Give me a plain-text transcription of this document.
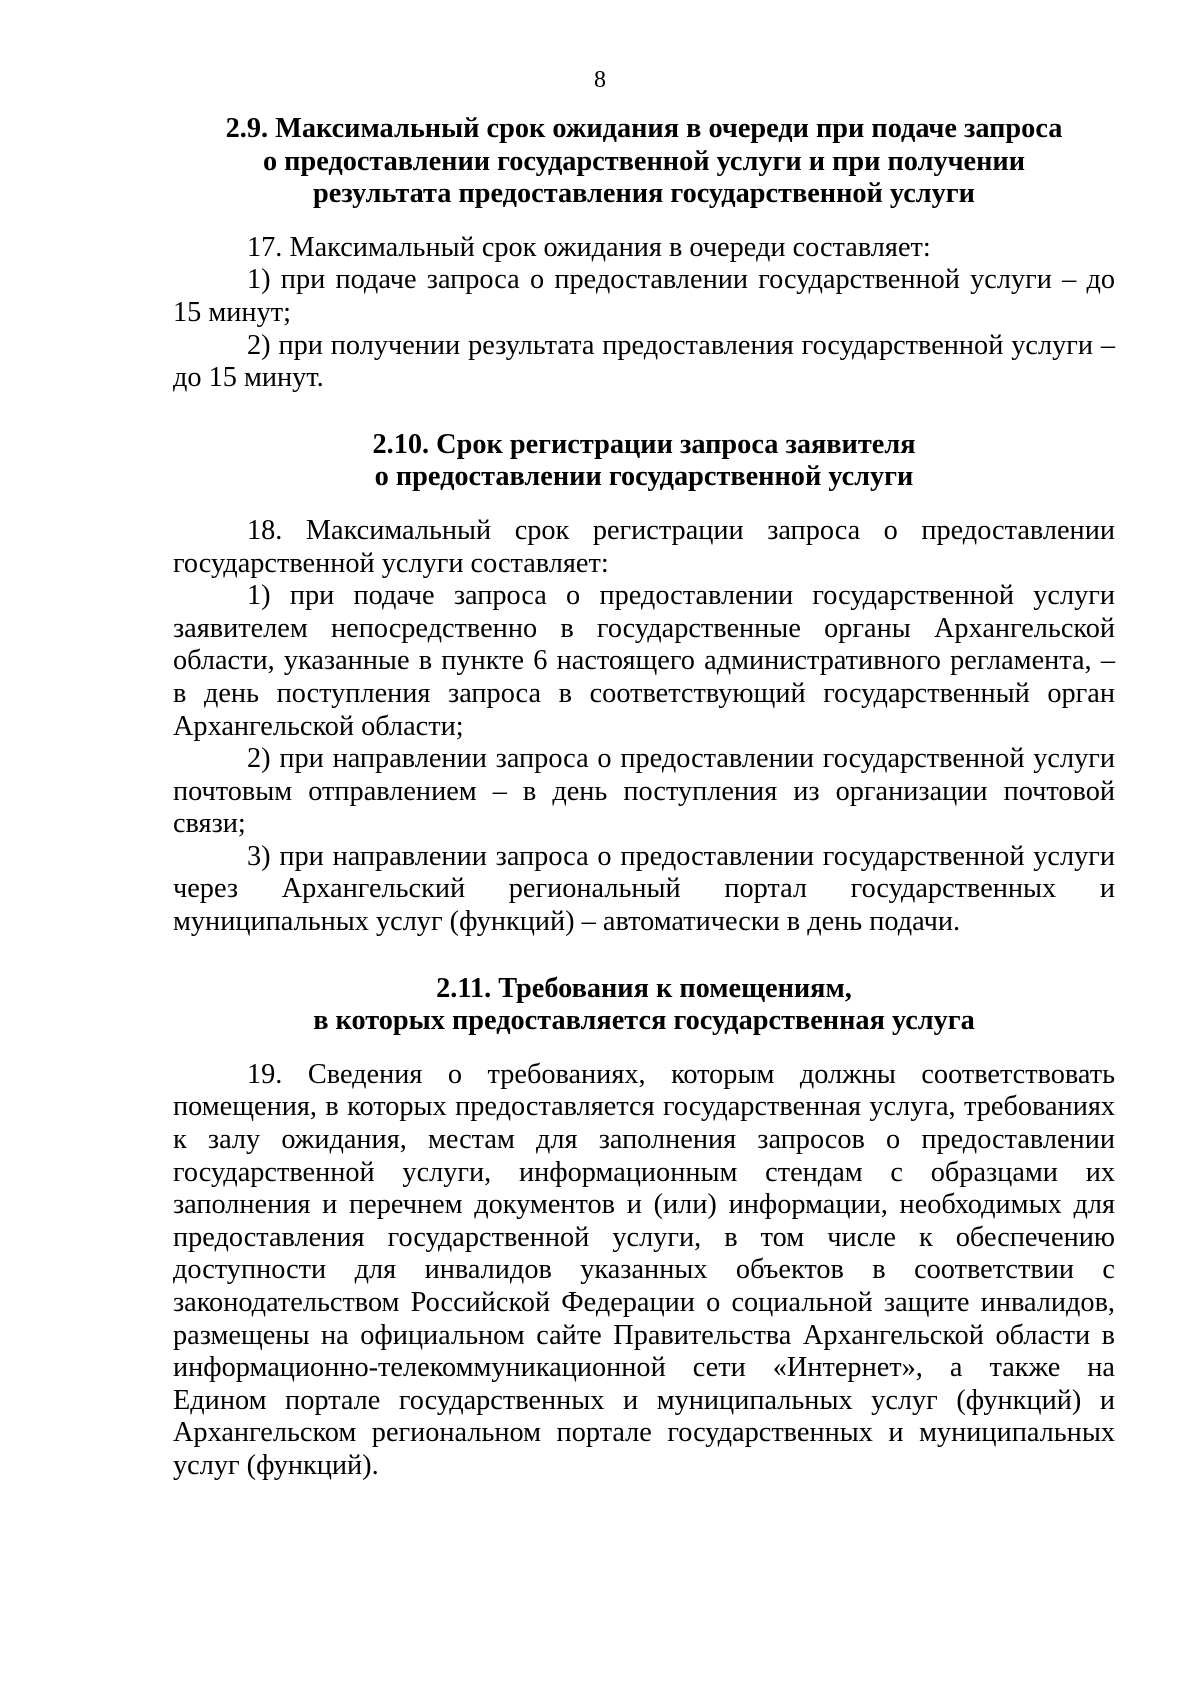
8
2.9. Максимальный срок ожидания в очереди при подаче запроса
о предоставлении государственной услуги и при получении
результата предоставления государственной услуги

17. Максимальный срок ожидания в очереди составляет:

1) при подаче запроса о предоставлении государственной услуги – до 15 минут;

2) при получении результата предоставления государственной услуги – до 15 минут.

2.10. Срок регистрации запроса заявителя
о предоставлении государственной услуги

18. Максимальный срок регистрации запроса о предоставлении государственной услуги составляет:

1) при подаче запроса о предоставлении государственной услуги заявителем непосредственно в государственные органы Архангельской области, указанные в пункте 6 настоящего административного регламента, – в день поступления запроса в соответствующий государственный орган Архангельской области;

2) при направлении запроса о предоставлении государственной услуги почтовым отправлением – в день поступления из организации почтовой связи;

3) при направлении запроса о предоставлении государственной услуги через Архангельский региональный портал государственных и муниципальных услуг (функций) – автоматически в день подачи.

2.11. Требования к помещениям,
в которых предоставляется государственная услуга

19. Сведения о требованиях, которым должны соответствовать помещения, в которых предоставляется государственная услуга, требованиях к залу ожидания, местам для заполнения запросов о предоставлении государственной услуги, информационным стендам с образцами их заполнения и перечнем документов и (или) информации, необходимых для предоставления государственной услуги, в том числе к обеспечению доступности для инвалидов указанных объектов в соответствии с законодательством Российской Федерации о социальной защите инвалидов, размещены на официальном сайте Правительства Архангельской области в информационно-телекоммуникационной сети «Интернет», а также на Едином портале государственных и муниципальных услуг (функций) и Архангельском региональном портале государственных и муниципальных услуг (функций).
